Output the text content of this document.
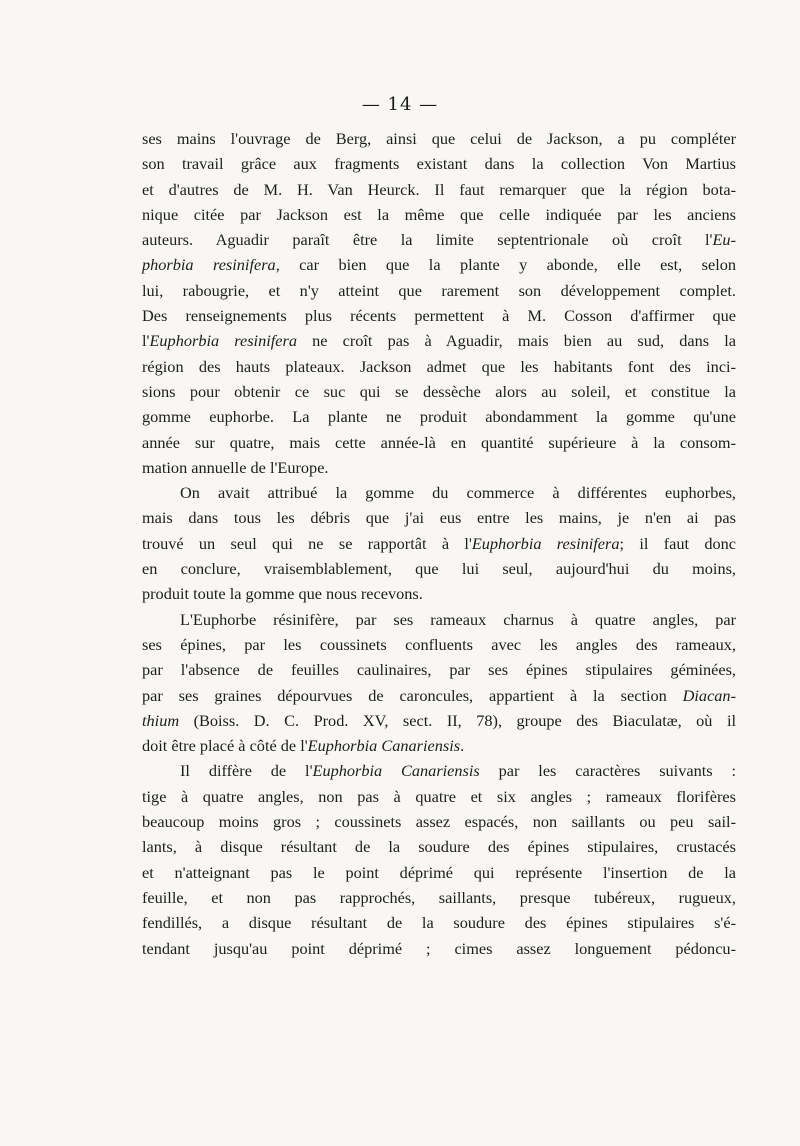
— 14 —
ses mains l'ouvrage de Berg, ainsi que celui de Jackson, a pu compléter
son travail grâce aux fragments existant dans la collection Von Martius
et d'autres de M. H. Van Heurck. Il faut remarquer que la région bota-
nique citée par Jackson est la même que celle indiquée par les anciens
auteurs. Aguadir paraît être la limite septentrionale où croît l'Eu-
phorbia resinifera, car bien que la plante y abonde, elle est, selon
lui, rabougrie, et n'y atteint que rarement son développement complet.
Des renseignements plus récents permettent à M. Cosson d'affirmer que
l'Euphorbia resinifera ne croît pas à Aguadir, mais bien au sud, dans la
région des hauts plateaux. Jackson admet que les habitants font des inci-
sions pour obtenir ce suc qui se dessèche alors au soleil, et constitue la
gomme euphorbe. La plante ne produit abondamment la gomme qu'une
année sur quatre, mais cette année-là en quantité supérieure à la consom-
mation annuelle de l'Europe.
On avait attribué la gomme du commerce à différentes euphorbes,
mais dans tous les débris que j'ai eus entre les mains, je n'en ai pas
trouvé un seul qui ne se rapportât à l'Euphorbia resinifera; il faut donc
en conclure, vraisemblablement, que lui seul, aujourd'hui du moins,
produit toute la gomme que nous recevons.
L'Euphorbe résinifère, par ses rameaux charnus à quatre angles, par
ses épines, par les coussinets confluents avec les angles des rameaux,
par l'absence de feuilles caulinaires, par ses épines stipulaires géminées,
par ses graines dépourvues de caroncules, appartient à la section Diacan-
thium (Boiss. D. C. Prod. XV, sect. II, 78), groupe des Biaculatæ, où il
doit être placé à côté de l'Euphorbia Canariensis.
Il diffère de l'Euphorbia Canariensis par les caractères suivants :
tige à quatre angles, non pas à quatre et six angles ; rameaux florifères
beaucoup moins gros ; coussinets assez espacés, non saillants ou peu sail-
lants, à disque résultant de la soudure des épines stipulaires, crustacés
et n'atteignant pas le point déprimé qui représente l'insertion de la
feuille, et non pas rapprochés, saillants, presque tubéreux, rugueux,
fendillés, a disque résultant de la soudure des épines stipulaires s'é-
tendant jusqu'au point déprimé ; cimes assez longuement pédoncu-
